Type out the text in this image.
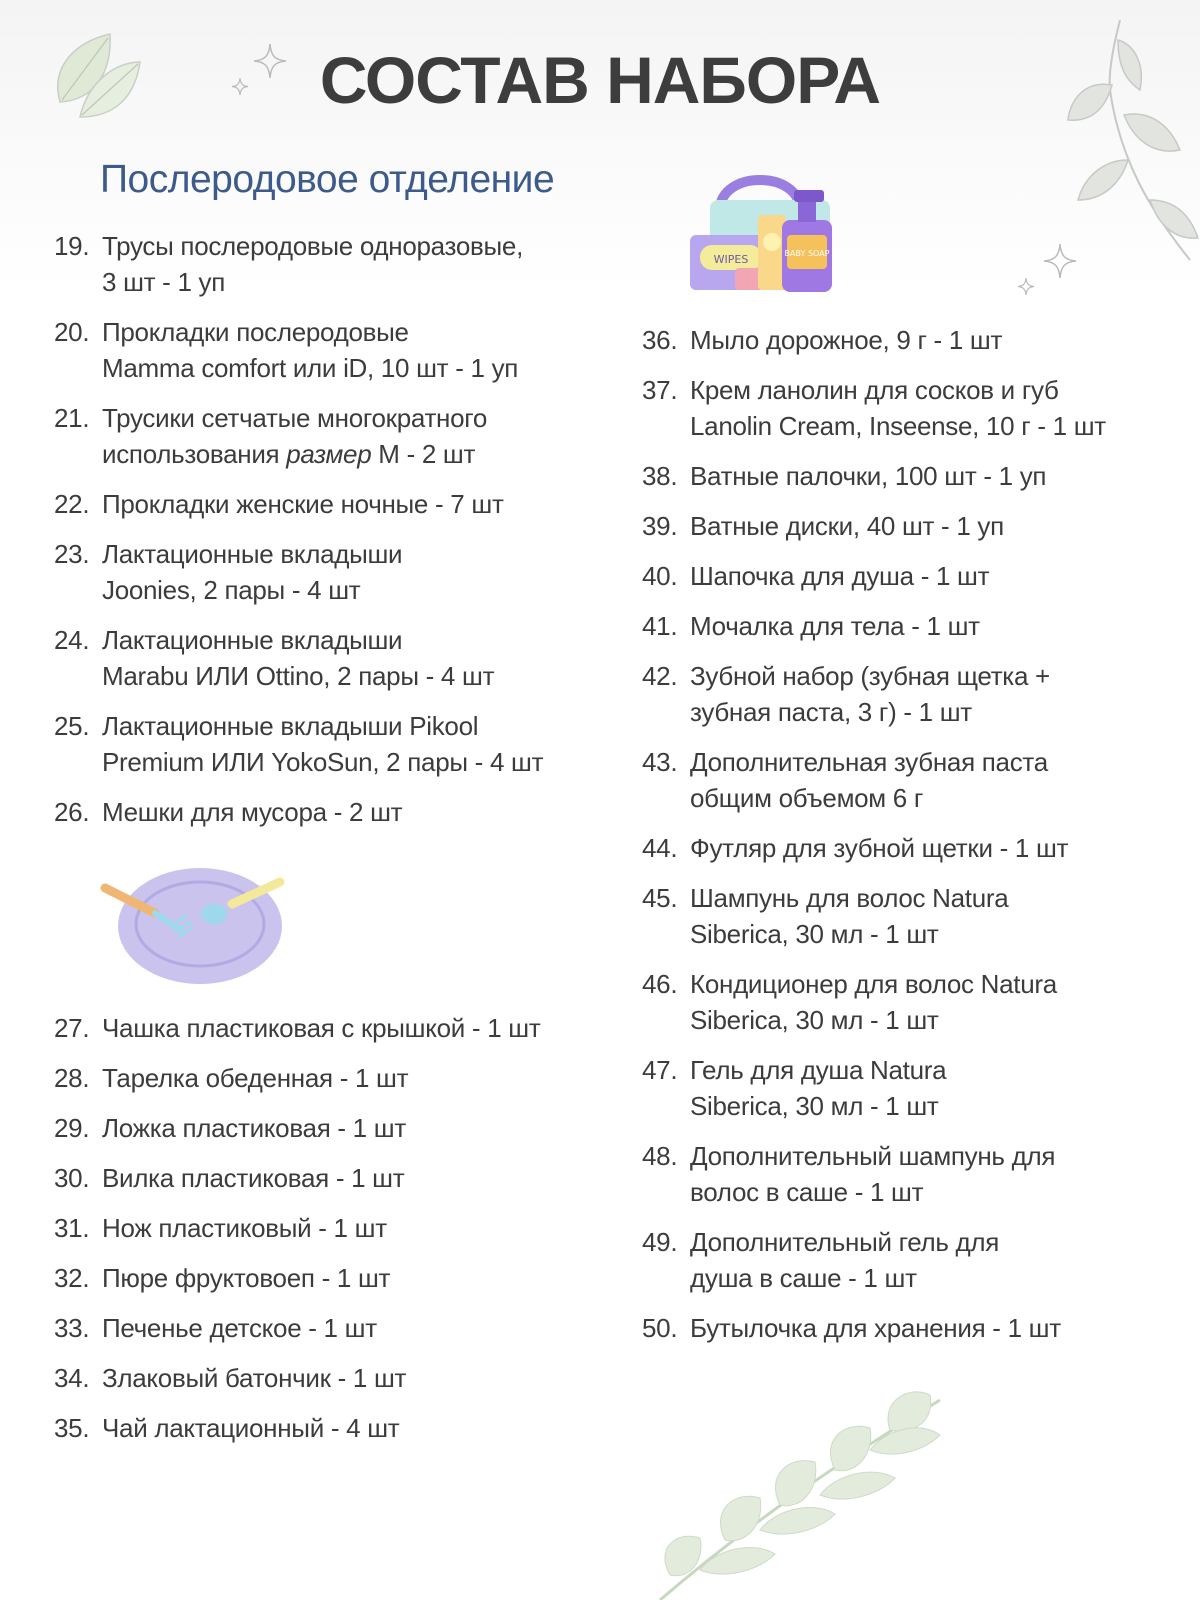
WIPES	BABY SOAP
СОСТАВ НАБОРА
Послеродовое отделение
19. Трусы послеродовые одноразовые,
3 шт - 1 уп
20. Прокладки послеродовые
Mamma comfort или iD, 10 шт - 1 уп
21. Трусики сетчатые многократного
использования размер M - 2 шт
22. Прокладки женские ночные - 7 шт
23. Лактационные вкладыши
Joonies, 2 пары - 4 шт
24. Лактационные вкладыши
Marabu ИЛИ Ottino, 2 пары - 4 шт
25. Лактационные вкладыши Pikool
Premium ИЛИ YokoSun, 2 пары - 4 шт
26. Мешки для мусора - 2 шт
27. Чашка пластиковая с крышкой - 1 шт
28. Тарелка обеденная - 1 шт
29. Ложка пластиковая - 1 шт
30. Вилка пластиковая - 1 шт
31. Нож пластиковый - 1 шт
32. Пюре фруктовоеп - 1 шт
33. Печенье детское - 1 шт
34. Злаковый батончик - 1 шт
35. Чай лактационный - 4 шт
36. Мыло дорожное, 9 г - 1 шт
37. Крем ланолин для сосков и губ
Lanolin Cream, Inseense, 10 г - 1 шт
38. Ватные палочки, 100 шт - 1 уп
39. Ватные диски, 40 шт - 1 уп
40. Шапочка для душа - 1 шт
41. Мочалка для тела - 1 шт
42. Зубной набор (зубная щетка +
зубная паста, 3 г) - 1 шт
43. Дополнительная зубная паста
общим объемом 6 г
44. Футляр для зубной щетки - 1 шт
45. Шампунь для волос Natura
Siberica, 30 мл - 1 шт
46. Кондиционер для волос Natura
Siberica, 30 мл - 1 шт
47. Гель для душа Natura
Siberica, 30 мл - 1 шт
48. Дополнительный шампунь для
волос в саше - 1 шт
49. Дополнительный гель для
душа в саше - 1 шт
50. Бутылочка для хранения - 1 шт
